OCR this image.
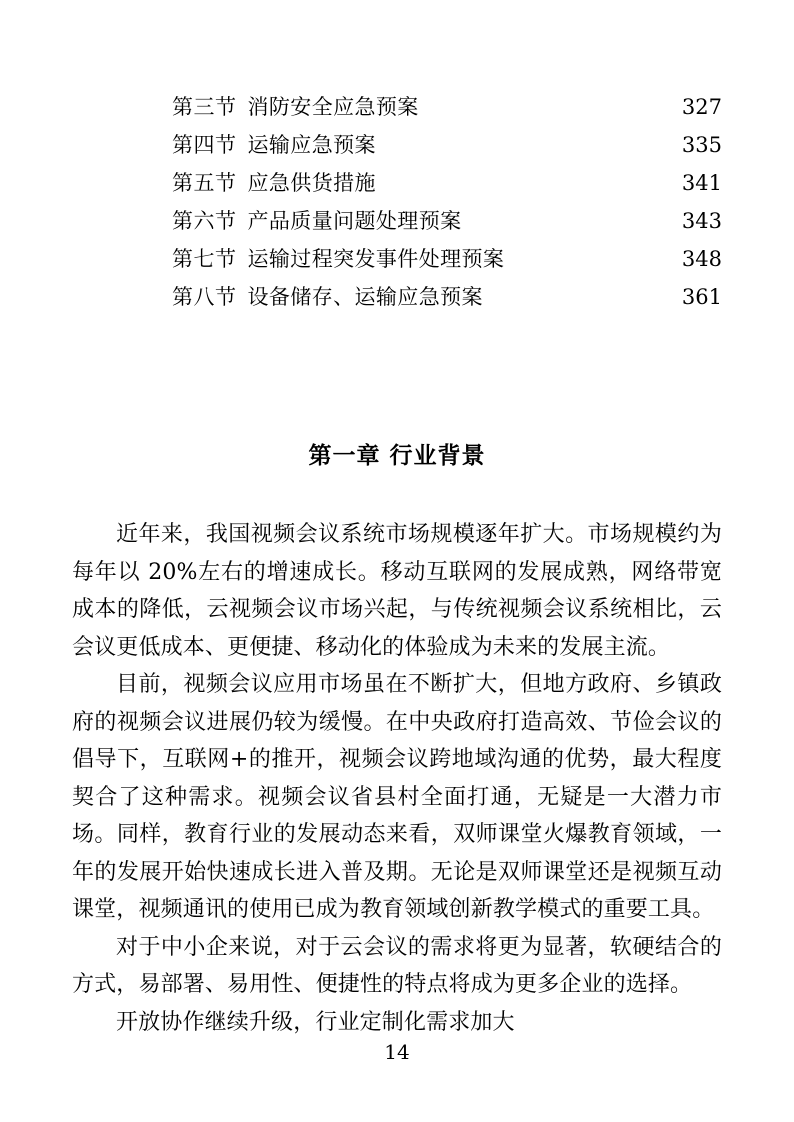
第三节 消防安全应急预案 .....	327
第四节 运输应急预案 .....	335
第五节 应急供货措施 .....	341
第六节 产品质量问题处理预案 .....	343
第七节 运输过程突发事件处理预案 .....	348
第八节 设备储存、运输应急预案 .....	361
第一章 行业背景

近年来，我国视频会议系统市场规模逐年扩大。市场规模约为每年以 20%左右的增速成长。移动互联网的发展成熟，网络带宽成本的降低，云视频会议市场兴起，与传统视频会议系统相比，云会议更低成本、更便捷、移动化的体验成为未来的发展主流。

目前，视频会议应用市场虽在不断扩大，但地方政府、乡镇政府的视频会议进展仍较为缓慢。在中央政府打造高效、节俭会议的倡导下，互联网+的推开，视频会议跨地域沟通的优势，最大程度契合了这种需求。视频会议省县村全面打通，无疑是一大潜力市场。同样，教育行业的发展动态来看，双师课堂火爆教育领域，一年的发展开始快速成长进入普及期。无论是双师课堂还是视频互动课堂，视频通讯的使用已成为教育领域创新教学模式的重要工具。

对于中小企来说，对于云会议的需求将更为显著，软硬结合的方式，易部署、易用性、便捷性的特点将成为更多企业的选择。

开放协作继续升级，行业定制化需求加大

14
